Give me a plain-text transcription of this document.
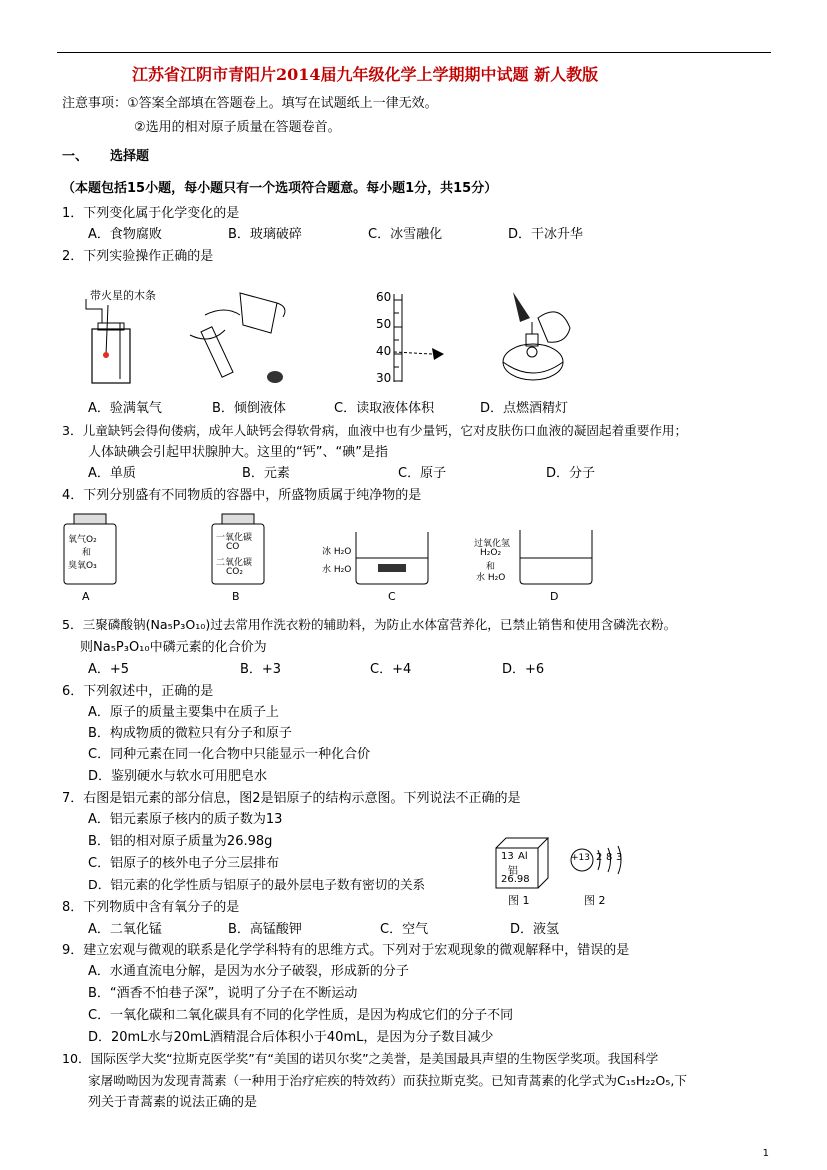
江苏省江阴市青阳片2014届九年级化学上学期期中试题 新人教版
注意事项：①答案全部填在答题卷上。填写在试题纸上一律无效。
②选用的相对原子质量在答题卷首。
一、 选择题
（本题包括15小题，每小题只有一个选项符合题意。每小题1分，共15分）
1．下列变化属于化学变化的是
A．食物腐败	B．玻璃破碎	C．冰雪融化	D．干冰升华
2．下列实验操作正确的是
带火星的木条	60
50
40
30
A．验满氧气	B．倾倒液体	C．读取液体体积	D．点燃酒精灯
3．儿童缺钙会得佝偻病，成年人缺钙会得软骨病，血液中也有少量钙，它对皮肤伤口血液的凝固起着重要作用；
人体缺碘会引起甲状腺肿大。这里的“钙”、“碘”是指
A．单质	B．元素	C．原子	D．分子
4．下列分别盛有不同物质的容器中，所盛物质属于纯净物的是
氧气O₂
和
臭氧O₃
A
一氧化碳
CO
二氧化碳
CO₂
B
冰 H₂O
水 H₂O
C
过氧化氢
H₂O₂
和
水 H₂O
D
5．三聚磷酸钠(Na₅P₃O₁₀)过去常用作洗衣粉的辅助料，为防止水体富营养化，已禁止销售和使用含磷洗衣粉。
则Na₅P₃O₁₀中磷元素的化合价为
A．+5	B．+3	C．+4	D．+6
6．下列叙述中，正确的是
A．原子的质量主要集中在质子上
B．构成物质的微粒只有分子和原子
C．同种元素在同一化合物中只能显示一种化合价
D．鉴别硬水与软水可用肥皂水
7．右图是铝元素的部分信息，图2是铝原子的结构示意图。下列说法不正确的是
A．铝元素原子核内的质子数为13
B．铝的相对原子质量为26.98g
C．铝原子的核外电子分三层排布
D．铝元素的化学性质与铝原子的最外层电子数有密切的关系
13 Al
铝
26.98
+13 2 8 3
图 1	图 2
8．下列物质中含有氧分子的是
A．二氧化锰	B．高锰酸钾	C．空气	D．液氢
9．建立宏观与微观的联系是化学学科特有的思维方式。下列对于宏观现象的微观解释中，错误的是
A．水通直流电分解，是因为水分子破裂，形成新的分子
B．“酒香不怕巷子深”，说明了分子在不断运动
C．一氧化碳和二氧化碳具有不同的化学性质，是因为构成它们的分子不同
D．20mL水与20mL酒精混合后体积小于40mL，是因为分子数目减少
10．国际医学大奖“拉斯克医学奖”有“美国的诺贝尔奖”之美誉，是美国最具声望的生物医学奖项。我国科学
家屠呦呦因为发现青蒿素（一种用于治疗疟疾的特效药）而获拉斯克奖。已知青蒿素的化学式为C₁₅H₂₂O₅,下
列关于青蒿素的说法正确的是
1
